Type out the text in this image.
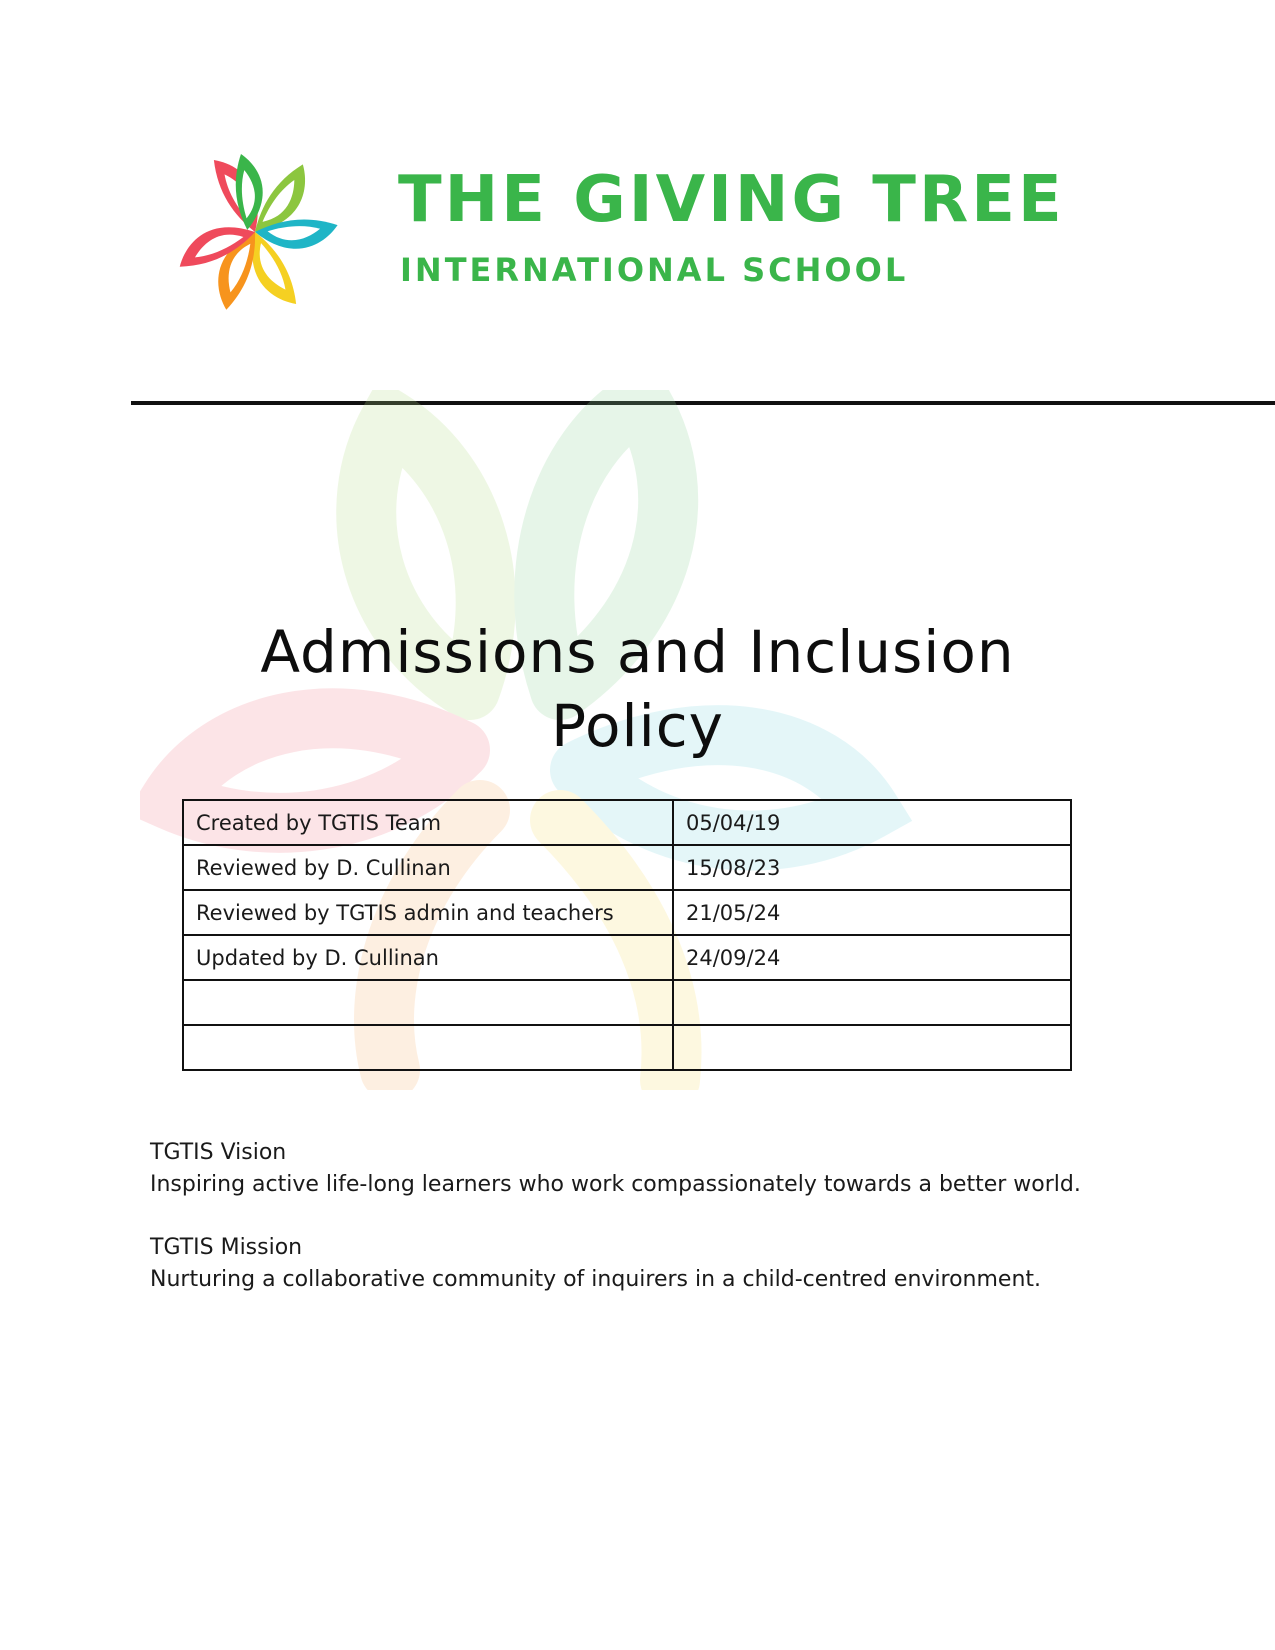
THE GIVING TREE
INTERNATIONAL SCHOOL
Admissions and Inclusion
Policy
Created by TGTIS Team	05/04/19
Reviewed by D. Cullinan	15/08/23
Reviewed by TGTIS admin and teachers	21/05/24
Updated by D. Cullinan	24/09/24

TGTIS Vision

Inspiring active life-long learners who work compassionately towards a better world.

TGTIS Mission

Nurturing a collaborative community of inquirers in a child-centred environment.
